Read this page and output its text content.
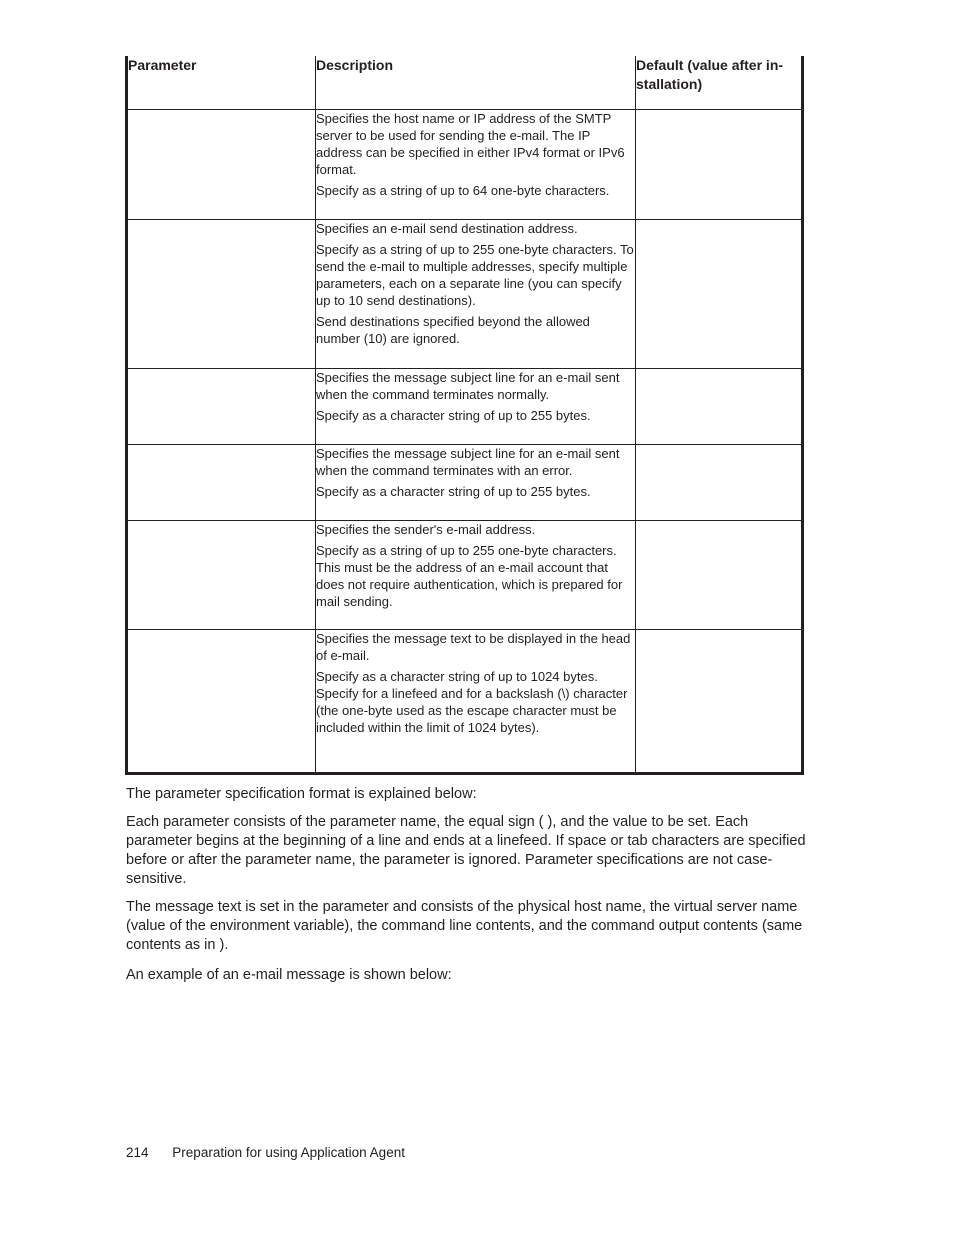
Parameter	Description	Default (value after in-stallation)

	Specifies the host name or IP address of the SMTP server to be used for sending the e-mail. The IP address can be specified in either IPv4 format or IPv6 format.

Specify as a string of up to 64 one-byte characters.	

	Specifies an e-mail send destination address.

Specify as a string of up to 255 one-byte characters. To send the e-mail to multiple addresses, specify multiple parameters, each on a separate line (you can specify up to 10 send destinations).

Send destinations specified beyond the allowed number (10) are ignored.	

	Specifies the message subject line for an e-mail sent when the command terminates normally.

Specify as a character string of up to 255 bytes.	

	Specifies the message subject line for an e-mail sent when the command terminates with an error.

Specify as a character string of up to 255 bytes.	

	Specifies the sender's e-mail address.

Specify as a string of up to 255 one-byte characters. This must be the address of an e-mail account that does not require authentication, which is prepared for mail sending.	

	Specifies the message text to be displayed in the head of e-mail.

Specify as a character string of up to 1024 bytes. Specify for a linefeed and for a backslash (\) character (the one-byte used as the escape character must be included within the limit of 1024 bytes).	

The parameter specification format is explained below:

Each parameter consists of the parameter name, the equal sign ( ), and the value to be set. Each parameter begins at the beginning of a line and ends at a linefeed. If space or tab characters are specified before or after the parameter name, the parameter is ignored. Parameter specifications are not case-sensitive.

The message text is set in the parameter and consists of the physical host name, the virtual server name (value of the environment variable), the command line contents, and the command output contents (same contents as in ).

An example of an e-mail message is shown below:

214 Preparation for using Application Agent
